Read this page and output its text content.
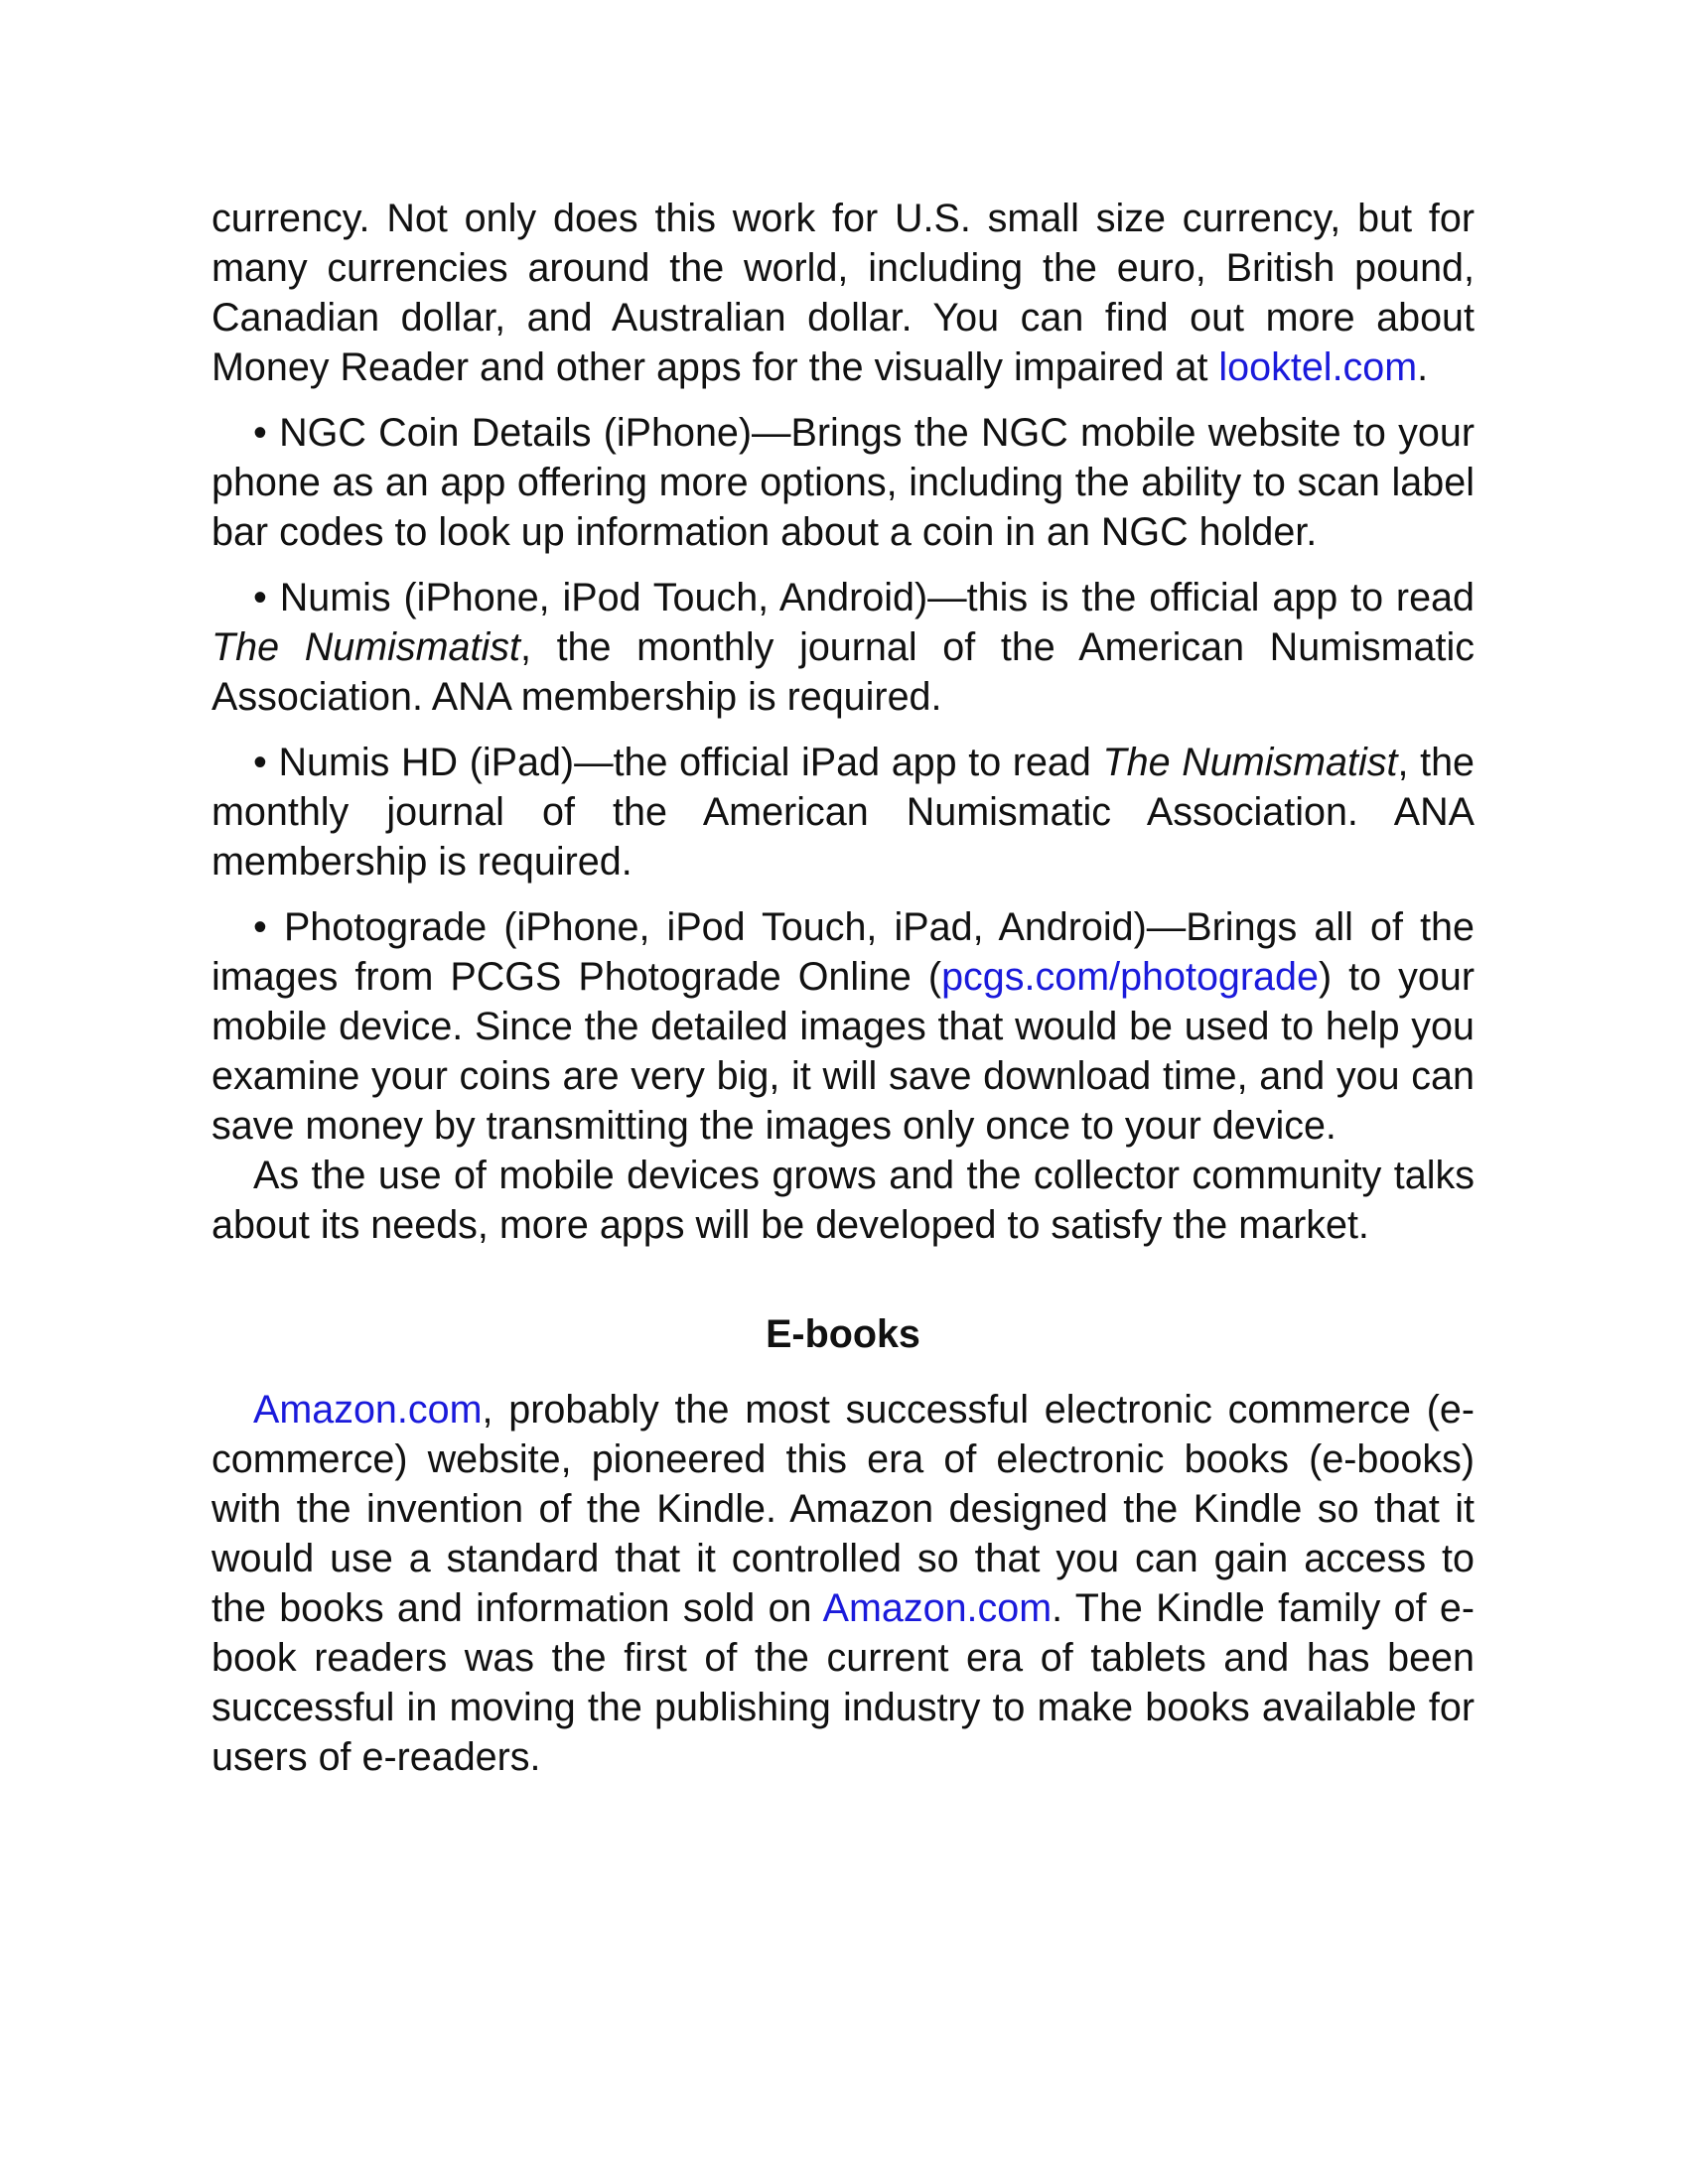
currency. Not only does this work for U.S. small size currency, but for many currencies around the world, including the euro, British pound, Canadian dollar, and Australian dollar. You can find out more about Money Reader and other apps for the visually impaired at looktel.com.

• NGC Coin Details (iPhone)—Brings the NGC mobile website to your phone as an app offering more options, including the ability to scan label bar codes to look up information about a coin in an NGC holder.

• Numis (iPhone, iPod Touch, Android)—this is the official app to read The Numismatist, the monthly journal of the American Numismatic Association. ANA membership is required.

• Numis HD (iPad)—the official iPad app to read The Numismatist, the monthly journal of the American Numismatic Association. ANA membership is required.

• Photograde (iPhone, iPod Touch, iPad, Android)—Brings all of the images from PCGS Photograde Online (pcgs.com/photograde) to your mobile device. Since the detailed images that would be used to help you examine your coins are very big, it will save download time, and you can save money by transmitting the images only once to your device.

As the use of mobile devices grows and the collector community talks about its needs, more apps will be developed to satisfy the market.

E-books

Amazon.com, probably the most successful electronic commerce (e-commerce) website, pioneered this era of electronic books (e-books) with the invention of the Kindle. Amazon designed the Kindle so that it would use a standard that it controlled so that you can gain access to the books and information sold on Amazon.com. The Kindle family of e-book readers was the first of the current era of tablets and has been successful in moving the publishing industry to make books available for users of e-readers.
